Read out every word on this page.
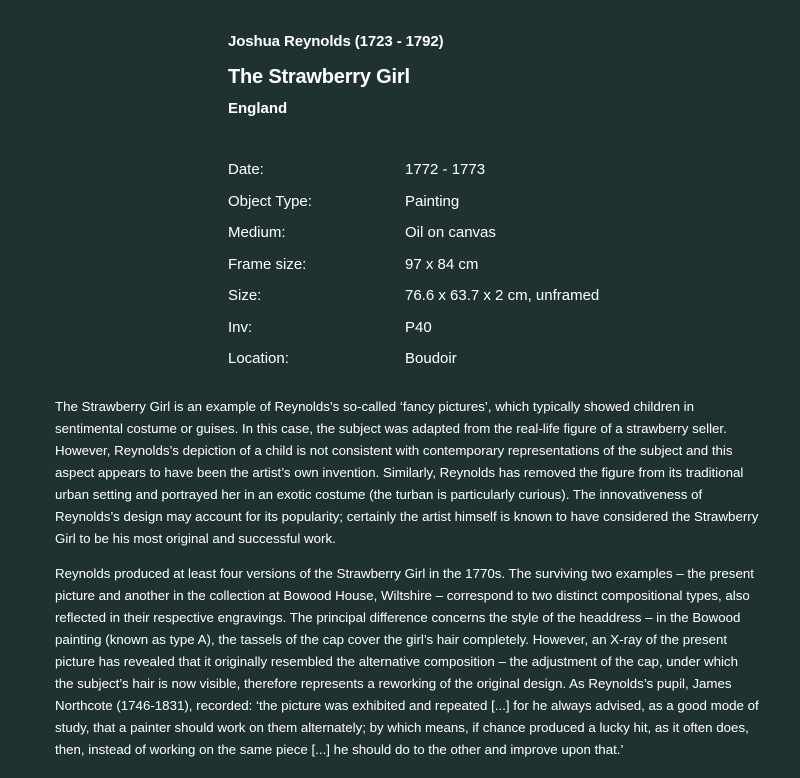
Joshua Reynolds (1723 - 1792)
The Strawberry Girl
England
Date:	1772 - 1773
Object Type:	Painting
Medium:	Oil on canvas
Frame size:	97 x 84 cm
Size:	76.6 x 63.7 x 2 cm, unframed
Inv:	P40
Location:	Boudoir

The Strawberry Girl is an example of Reynolds’s so-called ‘fancy pictures’, which typically showed children in sentimental costume or guises. In this case, the subject was adapted from the real-life figure of a strawberry seller. However, Reynolds’s depiction of a child is not consistent with contemporary representations of the subject and this aspect appears to have been the artist’s own invention. Similarly, Reynolds has removed the figure from its traditional urban setting and portrayed her in an exotic costume (the turban is particularly curious). The innovativeness of Reynolds’s design may account for its popularity; certainly the artist himself is known to have considered the Strawberry Girl to be his most original and successful work.

Reynolds produced at least four versions of the Strawberry Girl in the 1770s. The surviving two examples – the present picture and another in the collection at Bowood House, Wiltshire – correspond to two distinct compositional types, also reflected in their respective engravings. The principal difference concerns the style of the headdress – in the Bowood painting (known as type A), the tassels of the cap cover the girl’s hair completely. However, an X-ray of the present picture has revealed that it originally resembled the alternative composition – the adjustment of the cap, under which the subject’s hair is now visible, therefore represents a reworking of the original design. As Reynolds’s pupil, James Northcote (1746-1831), recorded: ‘the picture was exhibited and repeated [...] for he always advised, as a good mode of study, that a painter should work on them alternately; by which means, if chance produced a lucky hit, as it often does, then, instead of working on the same piece [...] he should do to the other and improve upon that.’
